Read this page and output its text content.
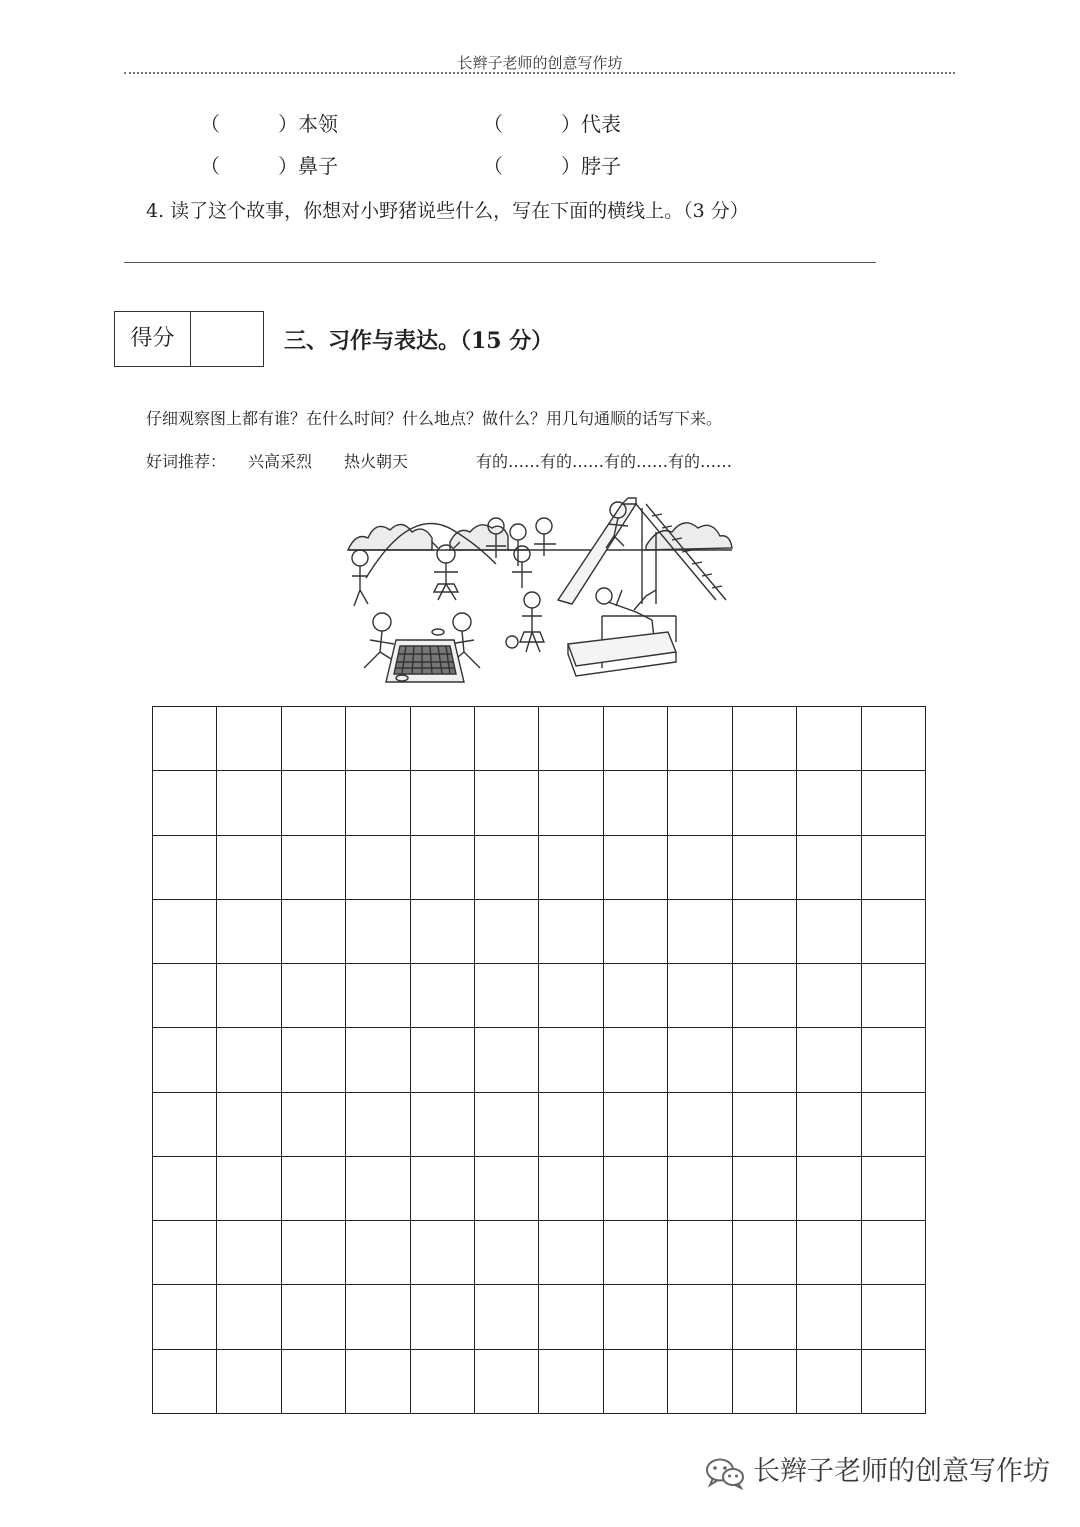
长辫子老师的创意写作坊
（	） 本领	（	） 代表
（	） 鼻子	（	） 脖子
4. 读了这个故事，你想对小野猪说些什么，写在下面的横线上。（3 分）
得分	三、习作与表达。（15 分）
仔细观察图上都有谁？在什么时间？什么地点？做什么？用几句通顺的话写下来。
好词推荐： 兴高采烈 热火朝天	有的……有的……有的……有的……
长辫子老师的创意写作坊
